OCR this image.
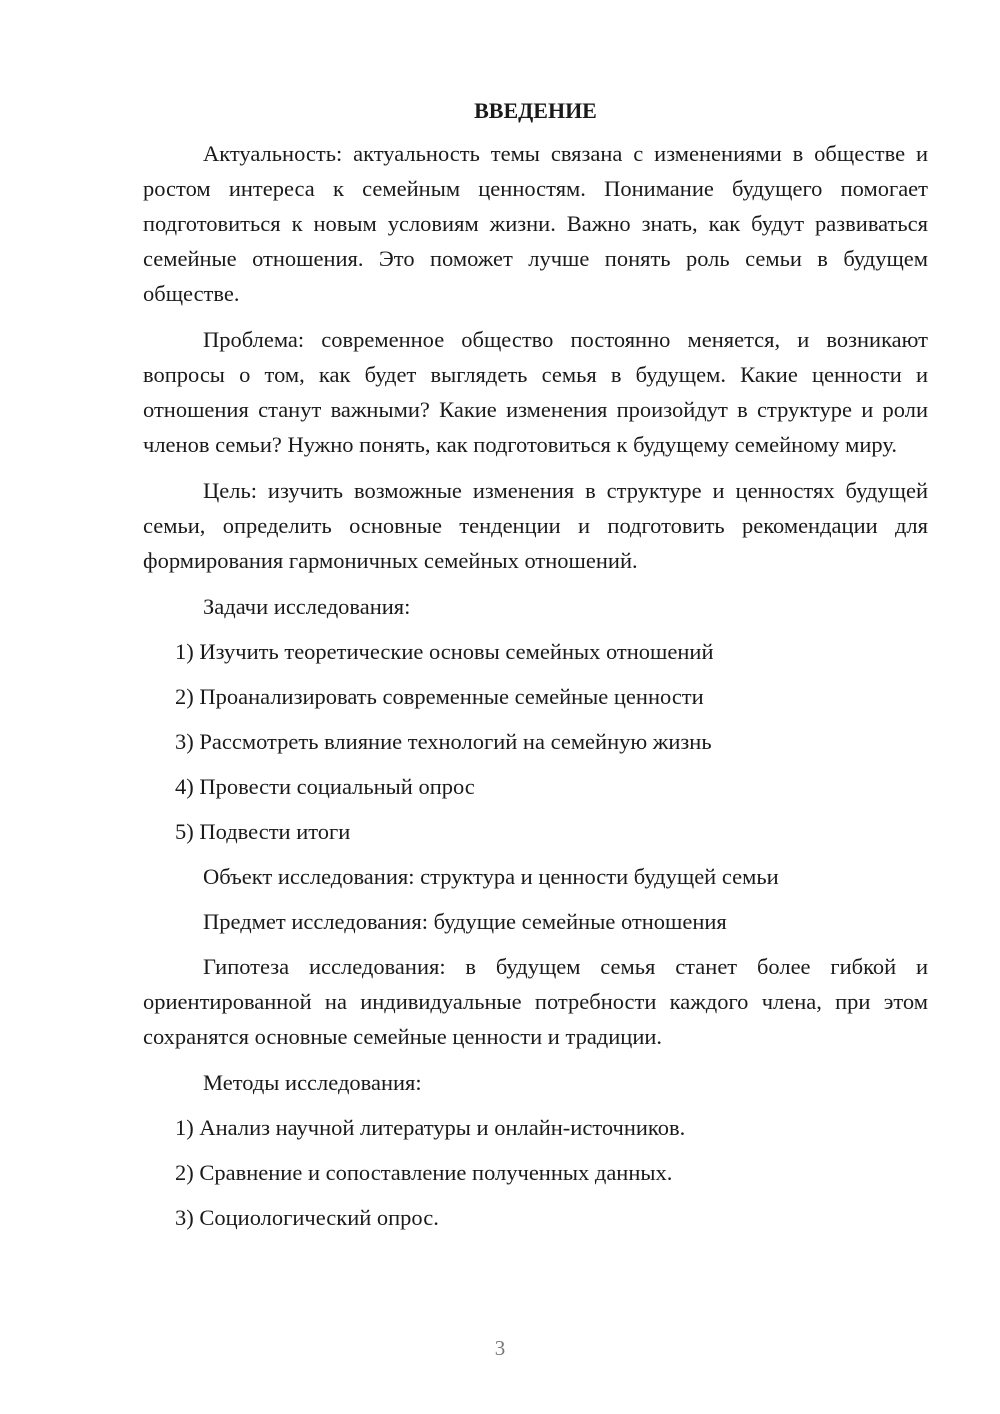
ВВЕДЕНИЕ

Актуальность: актуальность темы связана с изменениями в обществе и ростом интереса к семейным ценностям. Понимание будущего помогает подготовиться к новым условиям жизни. Важно знать, как будут развиваться семейные отношения. Это поможет лучше понять роль семьи в будущем обществе.

Проблема: современное общество постоянно меняется, и возникают вопросы о том, как будет выглядеть семья в будущем. Какие ценности и отношения станут важными? Какие изменения произойдут в структуре и роли членов семьи? Нужно понять, как подготовиться к будущему семейному миру.

Цель: изучить возможные изменения в структуре и ценностях будущей семьи, определить основные тенденции и подготовить рекомендации для формирования гармоничных семейных отношений.

Задачи исследования:

1) Изучить теоретические основы семейных отношений
2) Проанализировать современные семейные ценности
3) Рассмотреть влияние технологий на семейную жизнь
4) Провести социальный опрос
5) Подвести итоги

Объект исследования: структура и ценности будущей семьи

Предмет исследования: будущие семейные отношения

Гипотеза исследования: в будущем семья станет более гибкой и ориентированной на индивидуальные потребности каждого члена, при этом сохранятся основные семейные ценности и традиции.

Методы исследования:

1) Анализ научной литературы и онлайн-источников.
2) Сравнение и сопоставление полученных данных.
3) Социологический опрос.
3
